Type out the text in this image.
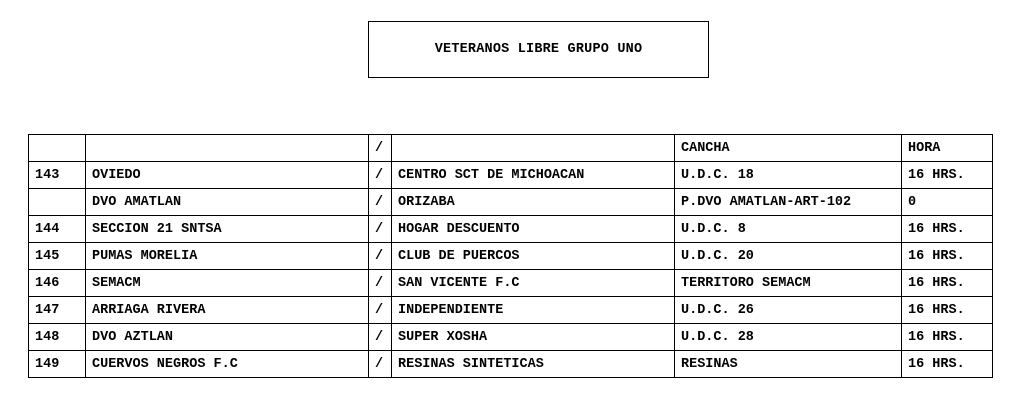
VETERANOS LIBRE GRUPO UNO
		/		CANCHA	HORA
143	OVIEDO	/	CENTRO SCT DE MICHOACAN	U.D.C. 18	16 HRS.
	DVO AMATLAN	/	ORIZABA	P.DVO AMATLAN-ART-102	0
144	SECCION 21 SNTSA	/	HOGAR DESCUENTO	U.D.C. 8	16 HRS.
145	PUMAS MORELIA	/	CLUB DE PUERCOS	U.D.C. 20	16 HRS.
146	SEMACM	/	SAN VICENTE F.C	TERRITORO SEMACM	16 HRS.
147	ARRIAGA RIVERA	/	INDEPENDIENTE	U.D.C. 26	16 HRS.
148	DVO AZTLAN	/	SUPER XOSHA	U.D.C. 28	16 HRS.
149	CUERVOS NEGROS F.C	/	RESINAS SINTETICAS	RESINAS	16 HRS.
